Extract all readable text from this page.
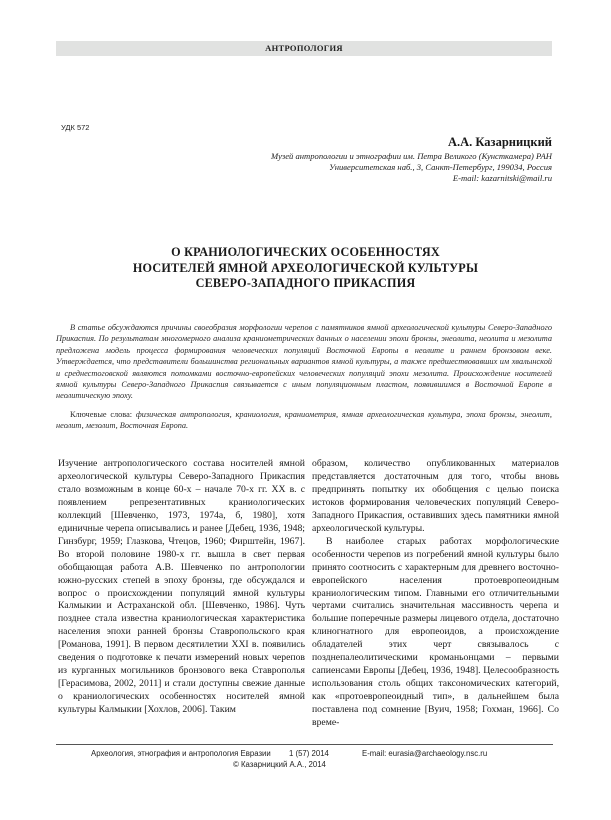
АНТРОПОЛОГИЯ
УДК 572
А.А. Казарницкий
Музей антропологии и этнографии им. Петра Великого (Кунсткамера) РАН
Университетская наб., 3, Санкт-Петербург, 199034, Россия
E-mail: kazarnitski@mail.ru
О КРАНИОЛОГИЧЕСКИХ ОСОБЕННОСТЯХ
НОСИТЕЛЕЙ ЯМНОЙ АРХЕОЛОГИЧЕСКОЙ КУЛЬТУРЫ
СЕВЕРО-ЗАПАДНОГО ПРИКАСПИЯ
В статье обсуждаются причины своеобразия морфологии черепов с памятников ямной археологической культуры Северо-Западного Прикаспия. По результатам многомерного анализа краниометрических данных о населении эпохи бронзы, энеолита, неолита и мезолита предложена модель процесса формирования человеческих популяций Восточной Европы в неолите и раннем бронзовом веке. Утверждается, что представители большинства региональных вариантов ямной культуры, а также предшествовавших им хвалынской и среднестоговской являются потомками восточно-европейских человеческих популяций эпохи мезолита. Происхождение носителей ямной культуры Северо-Западного Прикаспия связывается с иным популяционным пластом, появившимся в Восточной Европе в неолитическую эпоху.
Ключевые слова: физическая антропология, краниология, краниометрия, ямная археологическая культура, эпоха бронзы, энеолит, неолит, мезолит, Восточная Европа.

Изучение антропологического состава носителей ямной археологической культуры Северо-Западного Прикаспия стало возможным в конце 60-х – начале 70-х гг. XX в. с появлением репрезентативных краниологических коллекций [Шевченко, 1973, 1974а, б, 1980], хотя единичные черепа описывались и ранее [Дебец, 1936, 1948; Гинзбург, 1959; Глазкова, Чтецов, 1960; Фирштейн, 1967]. Во второй половине 1980-х гг. вышла в свет первая обобщающая работа А.В. Шевченко по антропологии южно-русских степей в эпоху бронзы, где обсуждался и вопрос о происхождении популяций ямной культуры Калмыкии и Астраханской обл. [Шевченко, 1986]. Чуть позднее стала известна краниологическая характеристика населения эпохи ранней бронзы Ставропольского края [Романова, 1991]. В первом десятилетии XXI в. появились сведения о подготовке к печати измерений новых черепов из курганных могильников бронзового века Ставрополья [Герасимова, 2002, 2011] и стали доступны свежие данные о краниологических особенностях носителей ямной культуры Калмыкии [Хохлов, 2006]. Таким

образом, количество опубликованных материалов представляется достаточным для того, чтобы вновь предпринять попытку их обобщения с целью поиска истоков формирования человеческих популяций Северо-Западного Прикаспия, оставивших здесь памятники ямной археологической культуры.

В наиболее старых работах морфологические особенности черепов из погребений ямной культуры было принято соотносить с характерным для древнего восточно-европейского населения протоевропеоидным краниологическим типом. Главными его отличительными чертами считались значительная массивность черепа и большие поперечные размеры лицевого отдела, достаточно клиногнатного для европеоидов, а происхождение обладателей этих черт связывалось с позднепалеолитическими кроманьонцами – первыми сапиенсами Европы [Дебец, 1936, 1948]. Целесообразность использования столь общих таксономических категорий, как «протоевропеоидный тип», в дальнейшем была поставлена под сомнение [Вуич, 1958; Гохман, 1966]. Со време-

Археология, этнография и антропология Евразии 1 (57) 2014	E-mail: eurasia@archaeology.nsc.ru
© Казарницкий А.А., 2014
